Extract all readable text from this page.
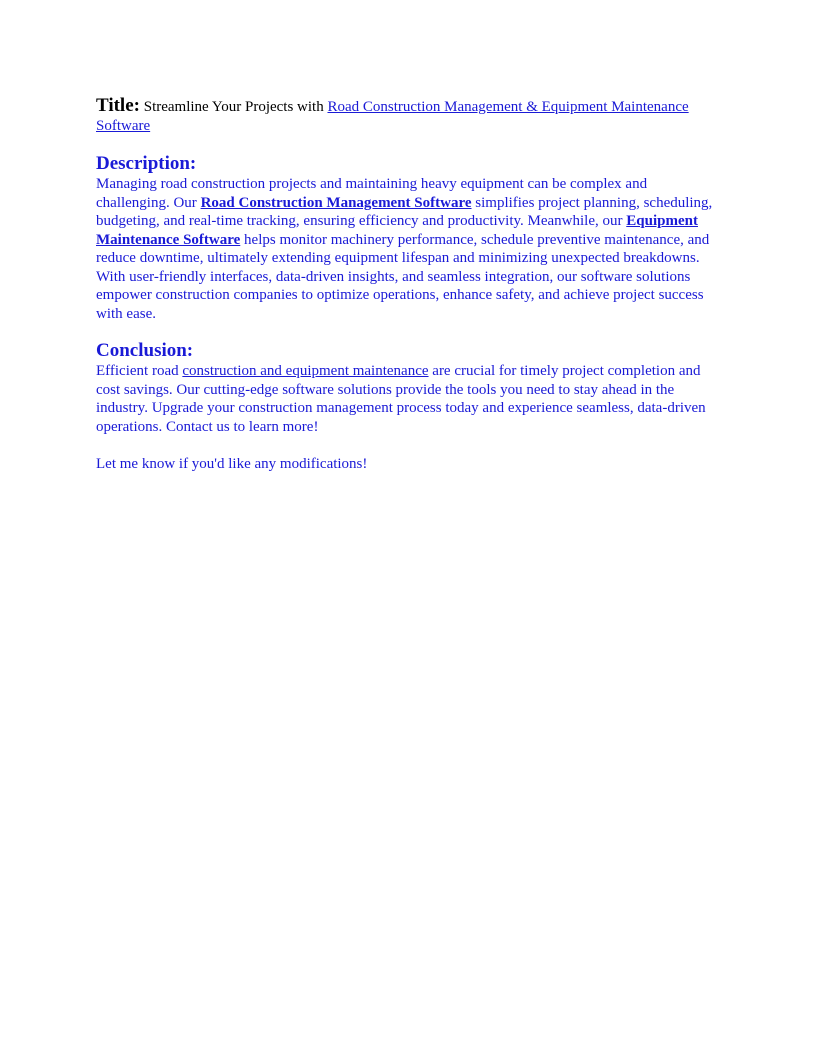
Title: Streamline Your Projects with Road Construction Management & Equipment Maintenance Software

Description:

Managing road construction projects and maintaining heavy equipment can be complex and challenging. Our Road Construction Management Software simplifies project planning, scheduling, budgeting, and real-time tracking, ensuring efficiency and productivity. Meanwhile, our Equipment Maintenance Software helps monitor machinery performance, schedule preventive maintenance, and reduce downtime, ultimately extending equipment lifespan and minimizing unexpected breakdowns. With user-friendly interfaces, data-driven insights, and seamless integration, our software solutions empower construction companies to optimize operations, enhance safety, and achieve project success with ease.

Conclusion:

Efficient road construction and equipment maintenance are crucial for timely project completion and cost savings. Our cutting-edge software solutions provide the tools you need to stay ahead in the industry. Upgrade your construction management process today and experience seamless, data-driven operations. Contact us to learn more!

Let me know if you'd like any modifications!
